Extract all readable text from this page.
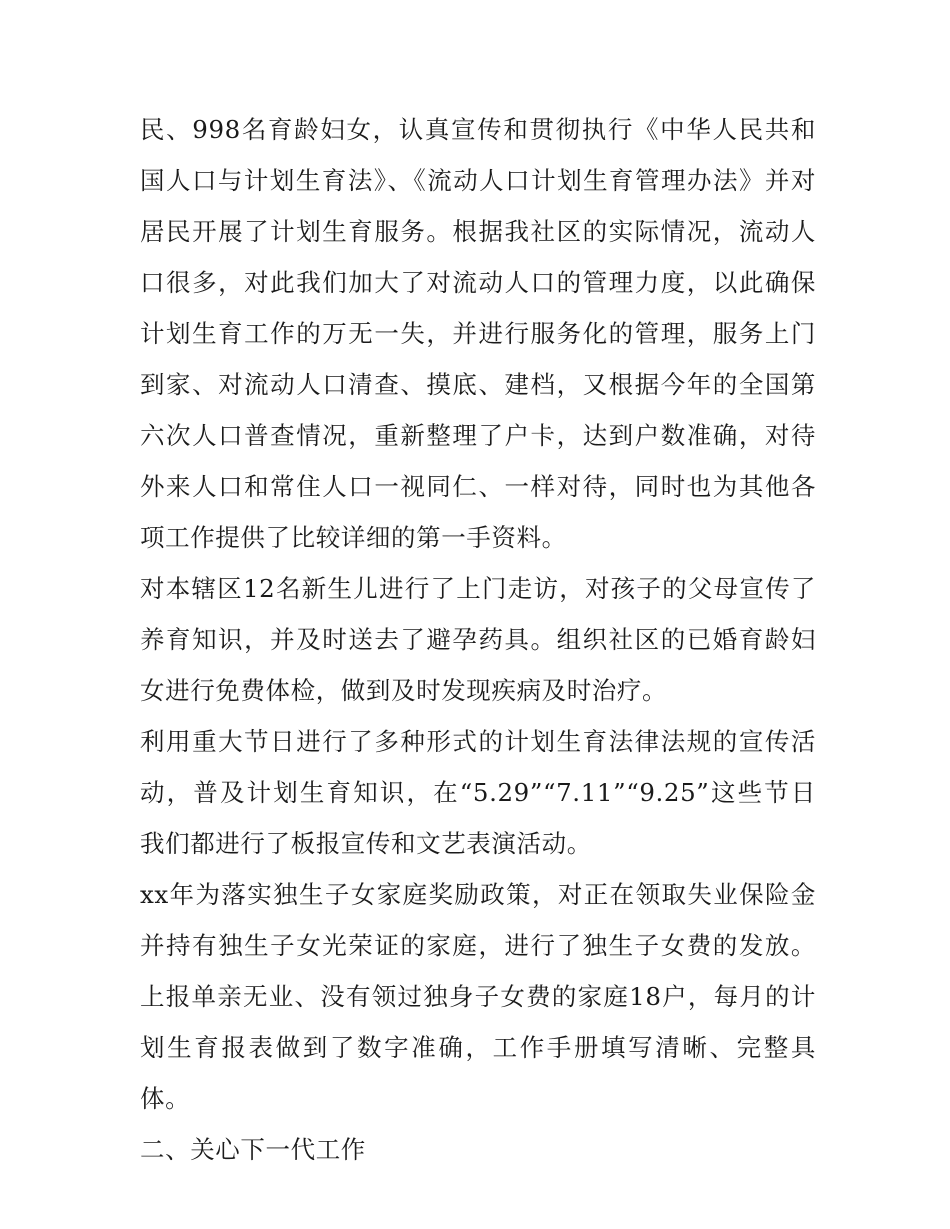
民、998名育龄妇女，认真宣传和贯彻执行《中华人民共和国人口与计划生育法》、《流动人口计划生育管理办法》并对居民开展了计划生育服务。根据我社区的实际情况，流动人口很多，对此我们加大了对流动人口的管理力度，以此确保计划生育工作的万无一失，并进行服务化的管理，服务上门到家、对流动人口清查、摸底、建档，又根据今年的全国第六次人口普查情况，重新整理了户卡，达到户数准确，对待外来人口和常住人口一视同仁、一样对待，同时也为其他各项工作提供了比较详细的第一手资料。

对本辖区12名新生儿进行了上门走访，对孩子的父母宣传了养育知识，并及时送去了避孕药具。组织社区的已婚育龄妇女进行免费体检，做到及时发现疾病及时治疗。

利用重大节日进行了多种形式的计划生育法律法规的宣传活动，普及计划生育知识，在“5.29”“7.11”“9.25”这些节日我们都进行了板报宣传和文艺表演活动。

xx年为落实独生子女家庭奖励政策，对正在领取失业保险金并持有独生子女光荣证的家庭，进行了独生子女费的发放。上报单亲无业、没有领过独身子女费的家庭18户，每月的计划生育报表做到了数字准确，工作手册填写清晰、完整具体。

二、关心下一代工作
